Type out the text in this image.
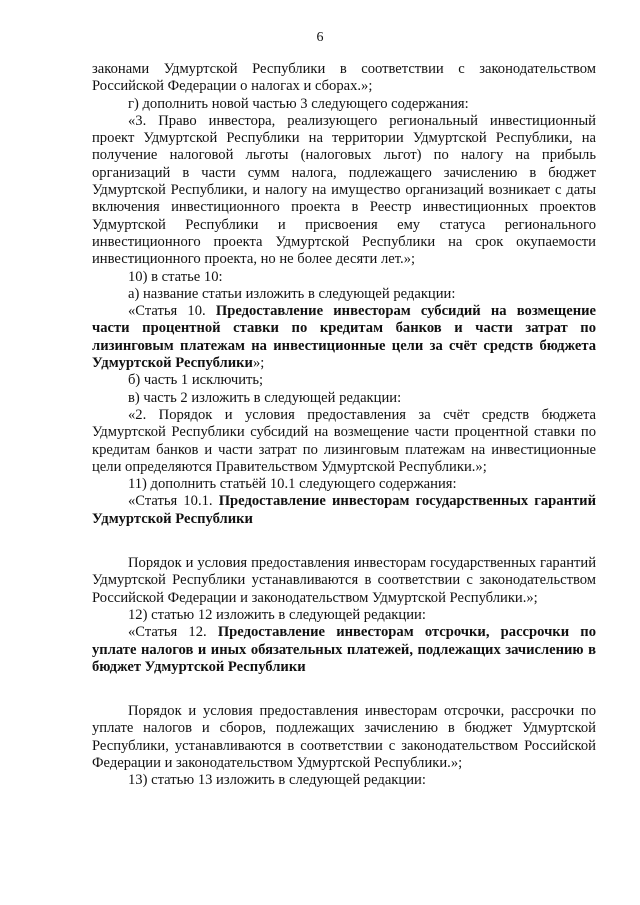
6

законами Удмуртской Республики в соответствии с законодательством Российской Федерации о налогах и сборах.»;

г) дополнить новой частью 3 следующего содержания:

«3. Право инвестора, реализующего региональный инвестиционный проект Удмуртской Республики на территории Удмуртской Республики, на получение налоговой льготы (налоговых льгот) по налогу на прибыль организаций в части сумм налога, подлежащего зачислению в бюджет Удмуртской Республики, и налогу на имущество организаций возникает с даты включения инвестиционного проекта в Реестр инвестиционных проектов Удмуртской Республики и присвоения ему статуса регионального инвестиционного проекта Удмуртской Республики на срок окупаемости инвестиционного проекта, но не более десяти лет.»;

10) в статье 10:

а) название статьи изложить в следующей редакции:

«Статья 10. Предоставление инвесторам субсидий на возмещение части процентной ставки по кредитам банков и части затрат по лизинговым платежам на инвестиционные цели за счёт средств бюджета Удмуртской Республики»;

б) часть 1 исключить;

в) часть 2 изложить в следующей редакции:

«2. Порядок и условия предоставления за счёт средств бюджета Удмуртской Республики субсидий на возмещение части процентной ставки по кредитам банков и части затрат по лизинговым платежам на инвестиционные цели определяются Правительством Удмуртской Республики.»;

11) дополнить статьёй 10.1 следующего содержания:

«Статья 10.1. Предоставление инвесторам государственных гарантий Удмуртской Республики

Порядок и условия предоставления инвесторам государственных гарантий Удмуртской Республики устанавливаются в соответствии с законодательством Российской Федерации и законодательством Удмуртской Республики.»;

12) статью 12 изложить в следующей редакции:

«Статья 12. Предоставление инвесторам отсрочки, рассрочки по уплате налогов и иных обязательных платежей, подлежащих зачислению в бюджет Удмуртской Республики

Порядок и условия предоставления инвесторам отсрочки, рассрочки по уплате налогов и сборов, подлежащих зачислению в бюджет Удмуртской Республики, устанавливаются в соответствии с законодательством Российской Федерации и законодательством Удмуртской Республики.»;

13) статью 13 изложить в следующей редакции:
